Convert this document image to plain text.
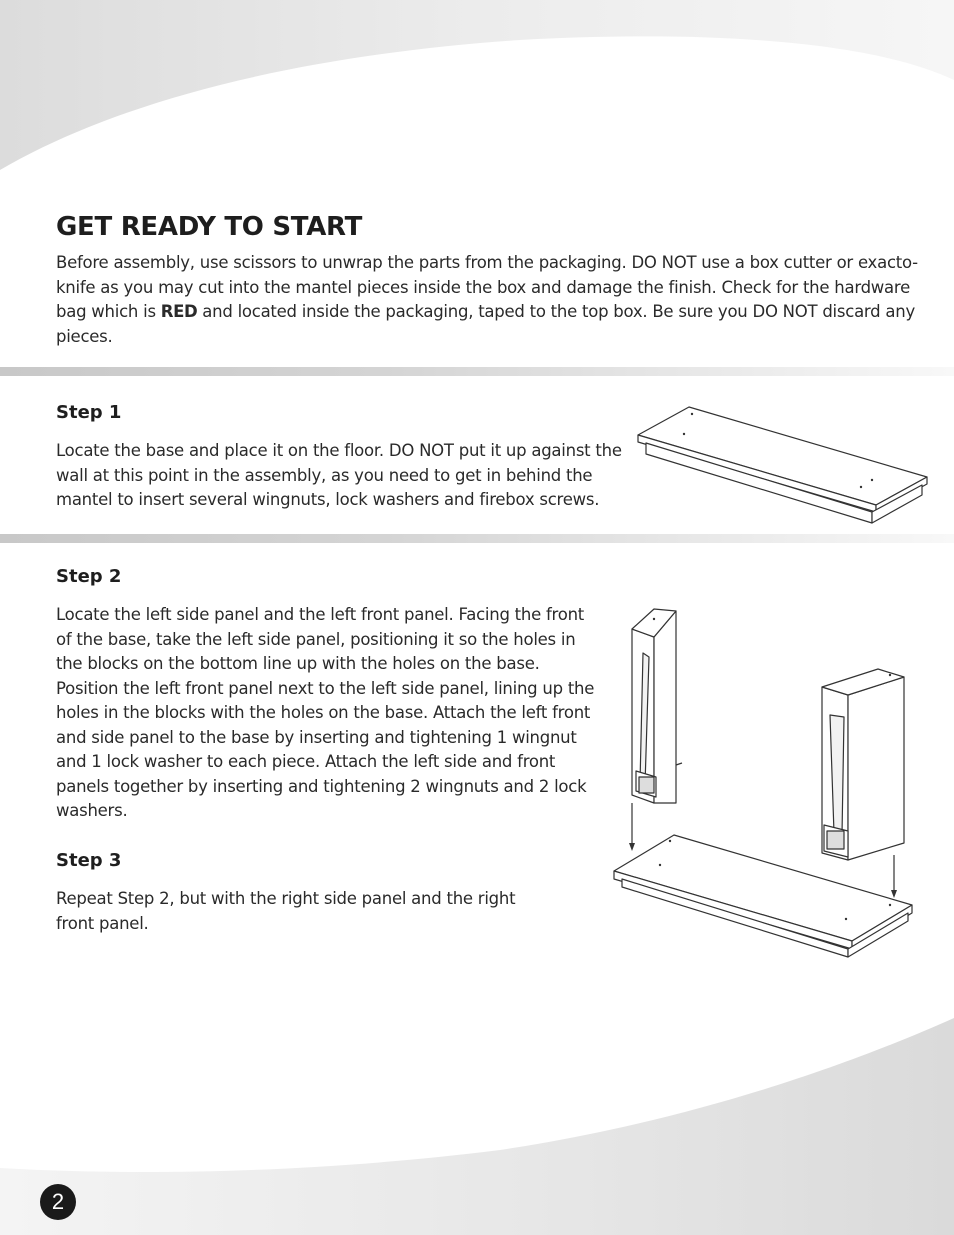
GET READY TO START

Before assembly, use scissors to unwrap the parts from the packaging. DO NOT use a box cutter or exacto-knife as you may cut into the mantel pieces inside the box and damage the finish. Check for the hardware bag which is RED and located inside the packaging, taped to the top box. Be sure you DO NOT discard any pieces.

Step 1

Locate the base and place it on the floor. DO NOT put it up against the wall at this point in the assembly, as you need to get in behind the mantel to insert several wingnuts, lock washers and firebox screws.

Step 2

Locate the left side panel and the left front panel. Facing the front of the base, take the left side panel, positioning it so the holes in the blocks on the bottom line up with the holes on the base. Position the left front panel next to the left side panel, lining up the holes in the blocks with the holes on the base. Attach the left front and side panel to the base by inserting and tightening 1 wingnut and 1 lock washer to each piece. Attach the left side and front panels together by inserting and tightening 2 wingnuts and 2 lock washers.

Step 3

Repeat Step 2, but with the right side panel and the right front panel.

2
